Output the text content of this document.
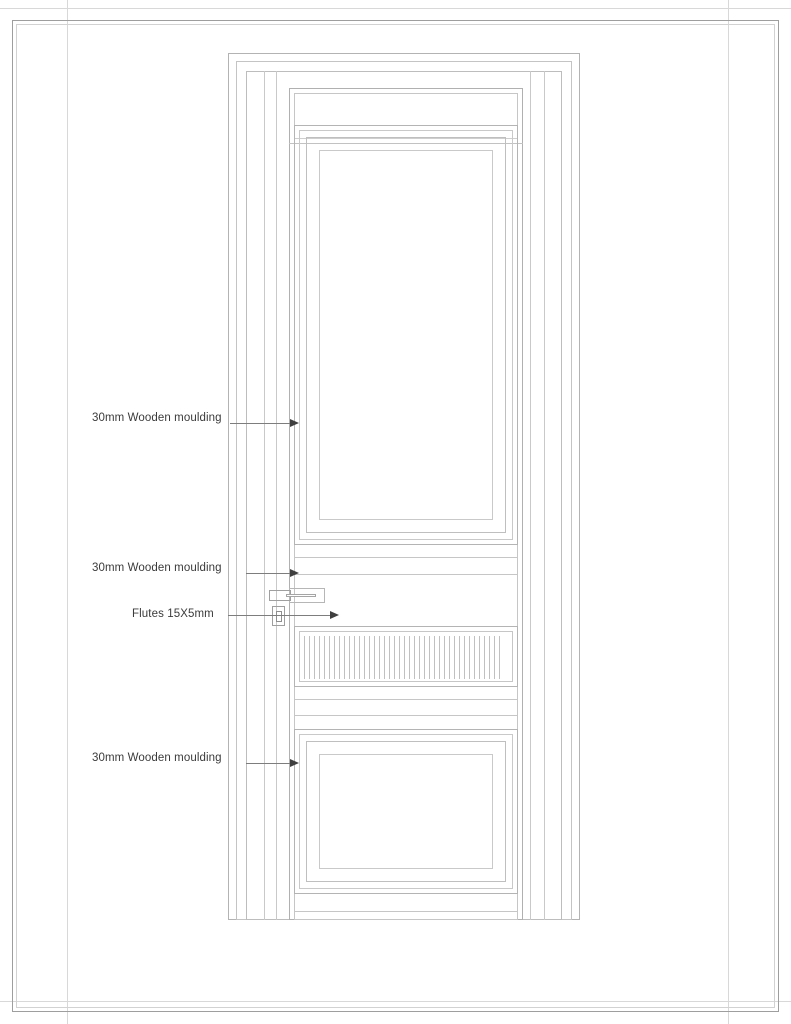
30mm Wooden moulding
30mm Wooden moulding
Flutes 15X5mm
30mm Wooden moulding
